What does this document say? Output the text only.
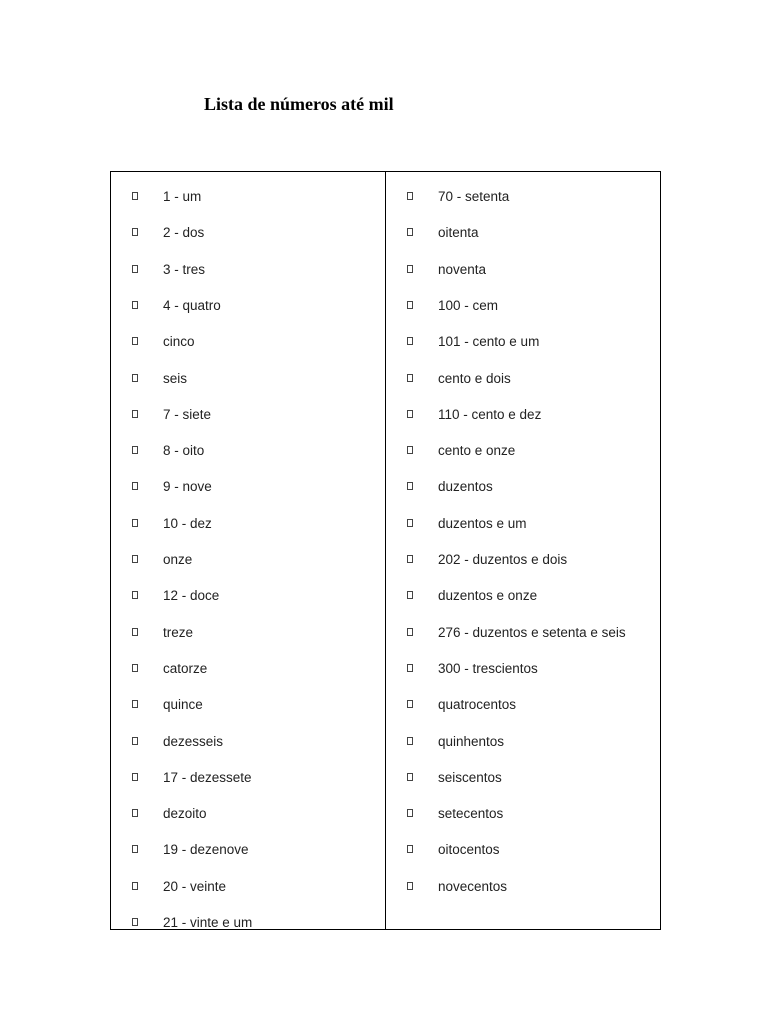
Lista de números até mil
1 - um
2 - dos
3 - tres
4 - quatro
cinco
seis
7 - siete
8 - oito
9 - nove
10 - dez
onze
12 - doce
treze
catorze
quince
dezesseis
17 - dezessete
dezoito
19 - dezenove
20 - veinte
21 - vinte e um
70 - setenta
oitenta
noventa
100 - cem
101 - cento e um
cento e dois
110 - cento e dez
cento e onze
duzentos
duzentos e um
202 - duzentos e dois
duzentos e onze
276 - duzentos e setenta e seis
300 - trescientos
quatrocentos
quinhentos
seiscentos
setecentos
oitocentos
novecentos
